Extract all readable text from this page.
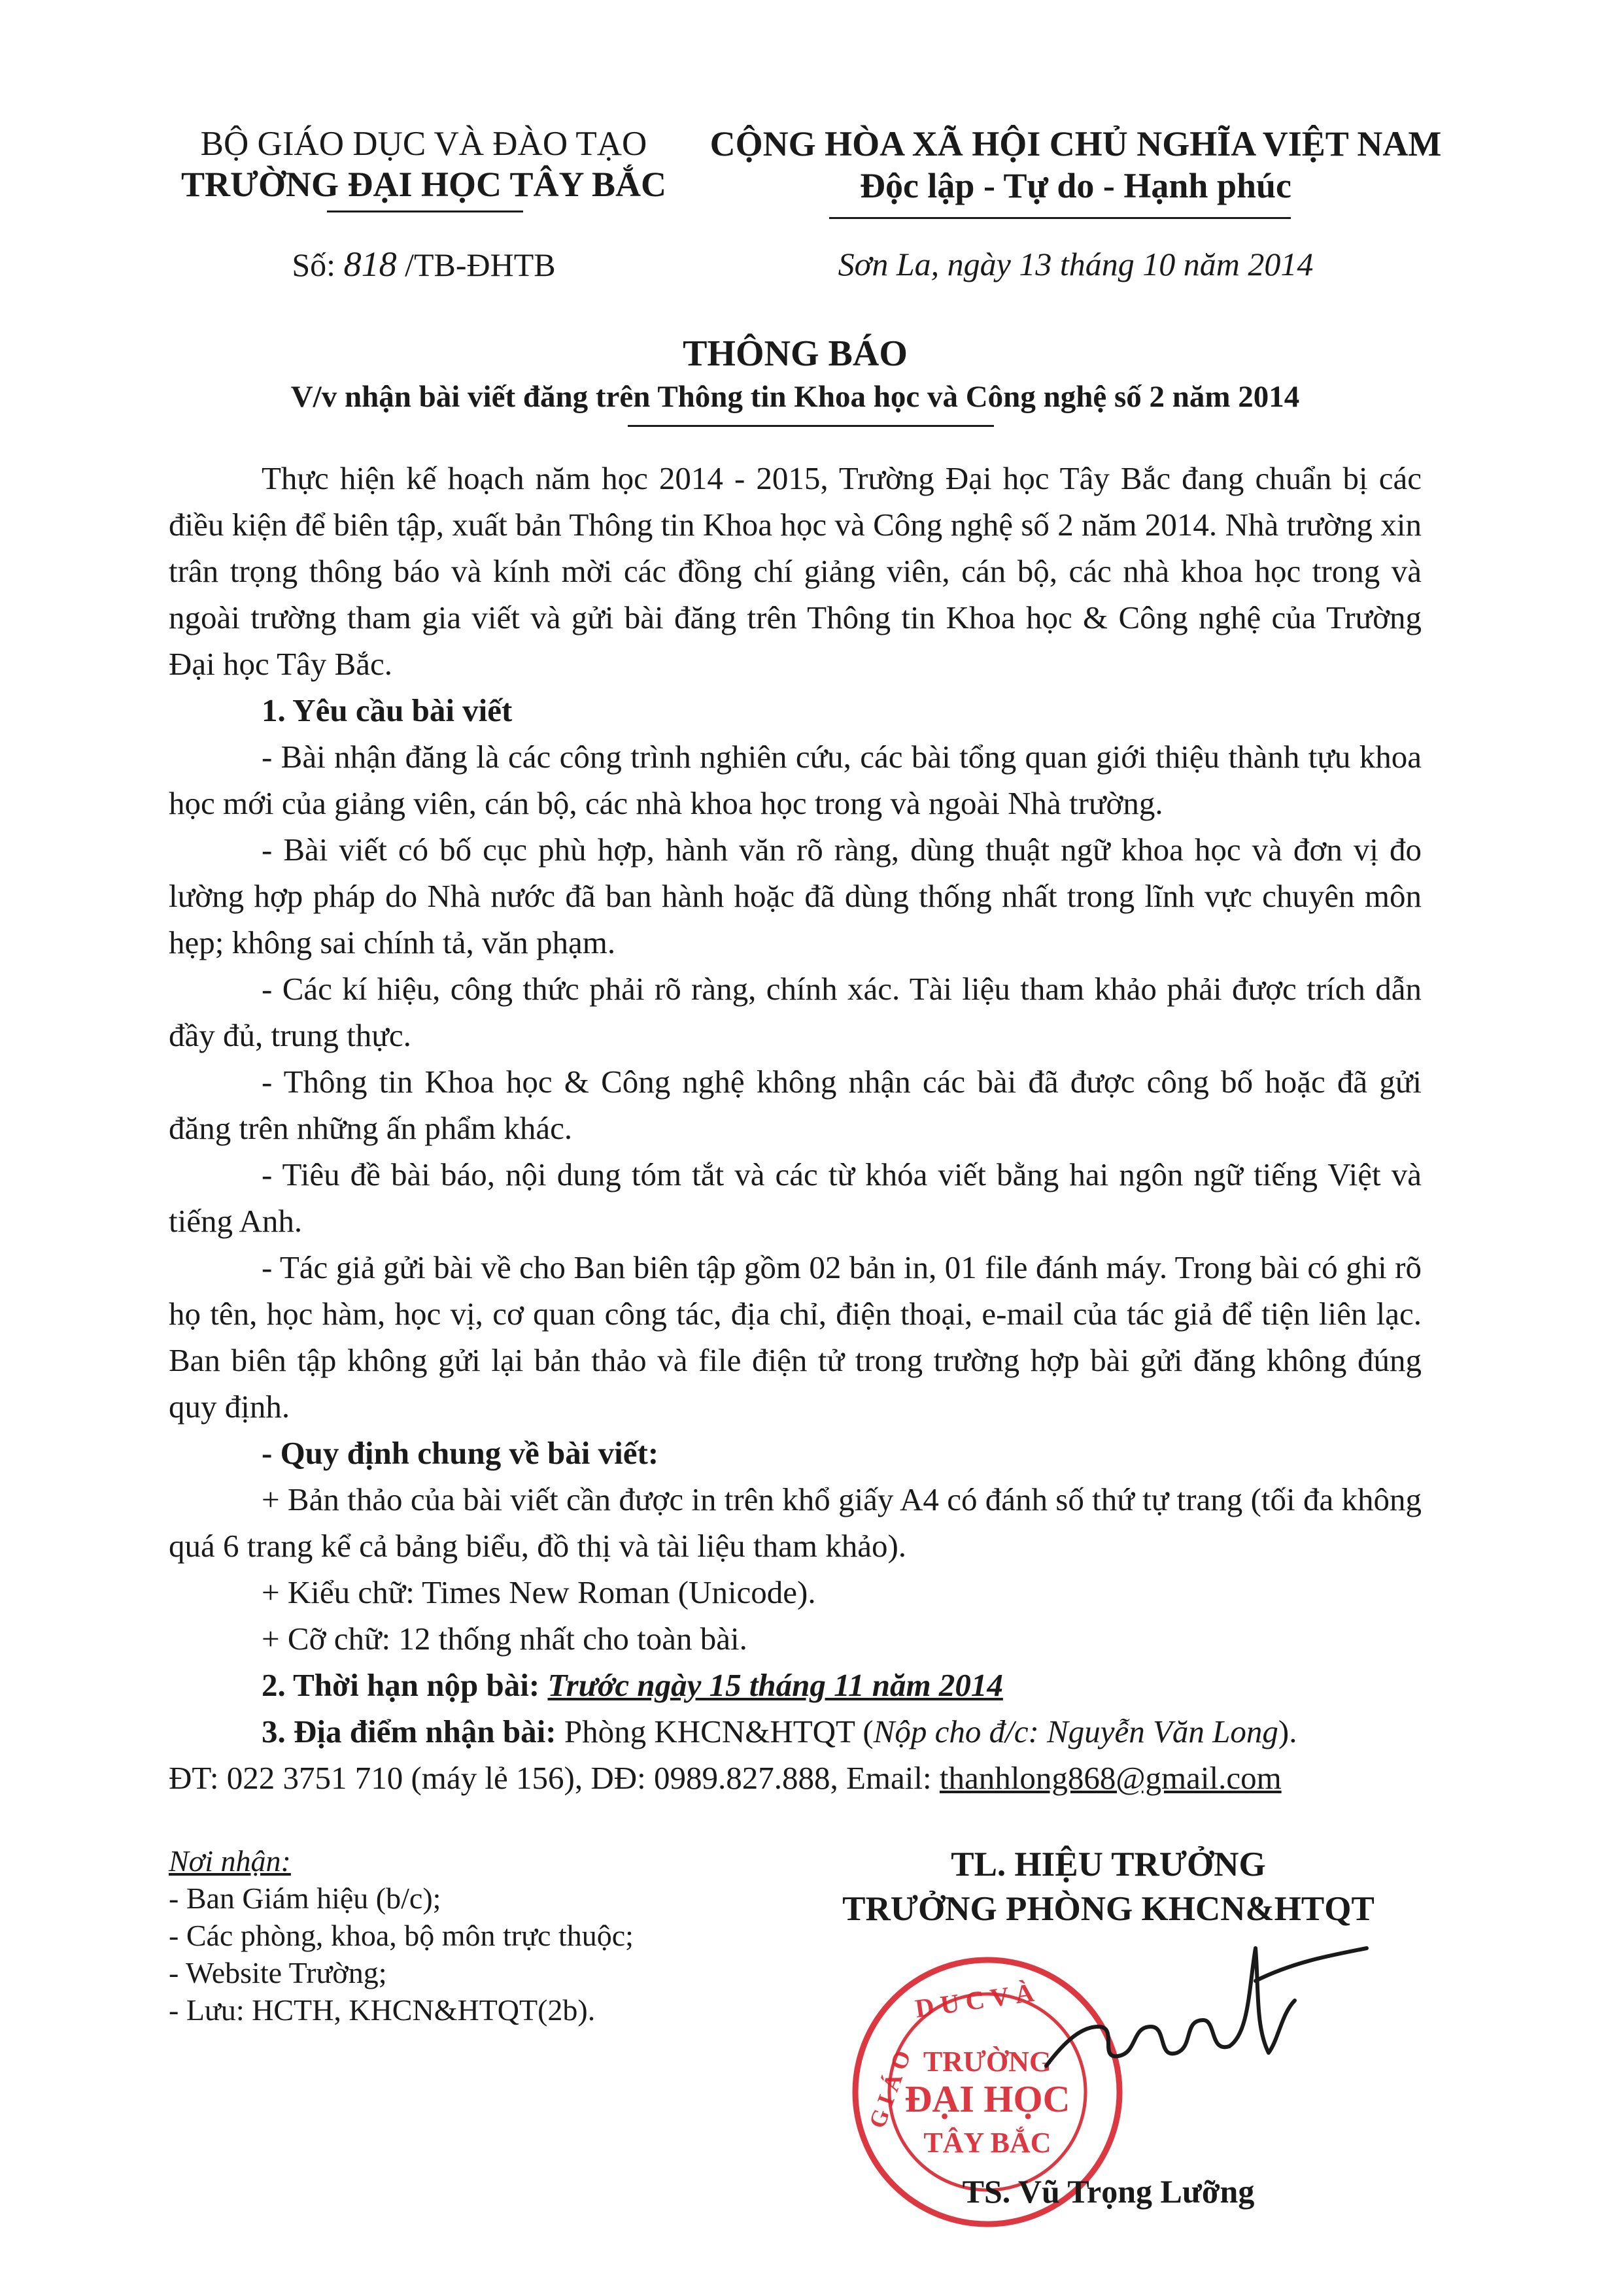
BỘ GIÁO DỤC VÀ ĐÀO TẠO
TRƯỜNG ĐẠI HỌC TÂY BẮC
Số: 818 /TB-ĐHTB
CỘNG HÒA XÃ HỘI CHỦ NGHĨA VIỆT NAM
Độc lập - Tự do - Hạnh phúc
Sơn La, ngày 13 tháng 10 năm 2014
THÔNG BÁO
V/v nhận bài viết đăng trên Thông tin Khoa học và Công nghệ số 2 năm 2014

Thực hiện kế hoạch năm học 2014 - 2015, Trường Đại học Tây Bắc đang chuẩn bị các điều kiện để biên tập, xuất bản Thông tin Khoa học và Công nghệ số 2 năm 2014. Nhà trường xin trân trọng thông báo và kính mời các đồng chí giảng viên, cán bộ, các nhà khoa học trong và ngoài trường tham gia viết và gửi bài đăng trên Thông tin Khoa học & Công nghệ của Trường Đại học Tây Bắc.

1. Yêu cầu bài viết

- Bài nhận đăng là các công trình nghiên cứu, các bài tổng quan giới thiệu thành tựu khoa học mới của giảng viên, cán bộ, các nhà khoa học trong và ngoài Nhà trường.

- Bài viết có bố cục phù hợp, hành văn rõ ràng, dùng thuật ngữ khoa học và đơn vị đo lường hợp pháp do Nhà nước đã ban hành hoặc đã dùng thống nhất trong lĩnh vực chuyên môn hẹp; không sai chính tả, văn phạm.

- Các kí hiệu, công thức phải rõ ràng, chính xác. Tài liệu tham khảo phải được trích dẫn đầy đủ, trung thực.

- Thông tin Khoa học & Công nghệ không nhận các bài đã được công bố hoặc đã gửi đăng trên những ấn phẩm khác.

- Tiêu đề bài báo, nội dung tóm tắt và các từ khóa viết bằng hai ngôn ngữ tiếng Việt và tiếng Anh.

- Tác giả gửi bài về cho Ban biên tập gồm 02 bản in, 01 file đánh máy. Trong bài có ghi rõ họ tên, học hàm, học vị, cơ quan công tác, địa chỉ, điện thoại, e-mail của tác giả để tiện liên lạc. Ban biên tập không gửi lại bản thảo và file điện tử trong trường hợp bài gửi đăng không đúng quy định.

- Quy định chung về bài viết:

+ Bản thảo của bài viết cần được in trên khổ giấy A4 có đánh số thứ tự trang (tối đa không quá 6 trang kể cả bảng biểu, đồ thị và tài liệu tham khảo).

+ Kiểu chữ: Times New Roman (Unicode).

+ Cỡ chữ: 12 thống nhất cho toàn bài.

2. Thời hạn nộp bài: Trước ngày 15 tháng 11 năm 2014

3. Địa điểm nhận bài: Phòng KHCN&HTQT (Nộp cho đ/c: Nguyễn Văn Long).

ĐT: 022 3751 710 (máy lẻ 156), DĐ: 0989.827.888, Email: thanhlong868@gmail.com

Nơi nhận:
- Ban Giám hiệu (b/c);
- Các phòng, khoa, bộ môn trực thuộc;
- Website Trường;
- Lưu: HCTH, KHCN&HTQT(2b).
TL. HIỆU TRƯỞNG
TRƯỞNG PHÒNG KHCN&HTQT
D U C V À
G I Á O TRƯỜNG
ĐẠI HỌC
TÂY BẮC
TS. Vũ Trọng Lưỡng
